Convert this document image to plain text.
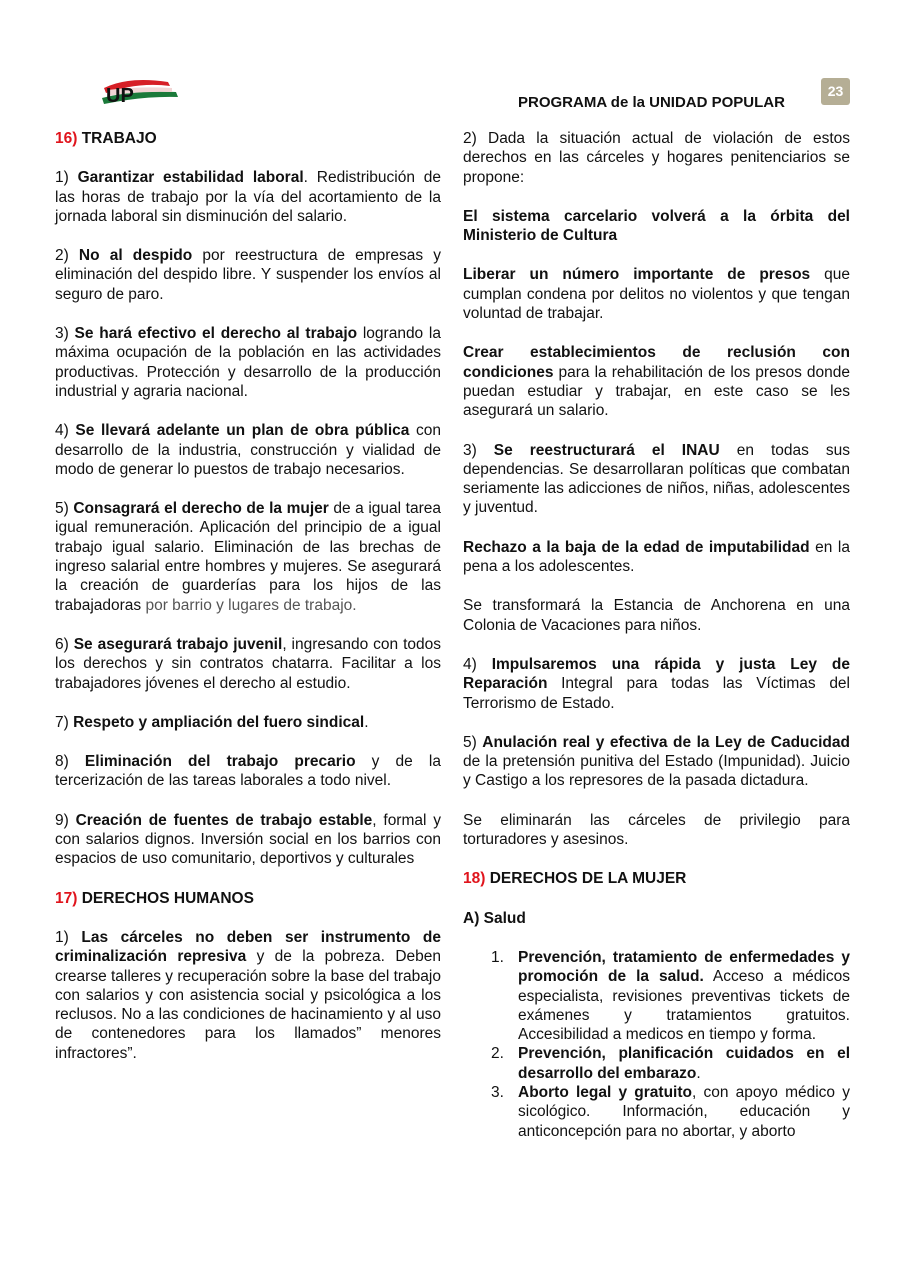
UP	PROGRAMA de la UNIDAD POPULAR
23
16) TRABAJO

1) Garantizar estabilidad laboral. Redistribución de las horas de trabajo por la vía del acortamiento de la jornada laboral sin disminución del salario.

2) No al despido por reestructura de empresas y eliminación del despido libre. Y suspender los envíos al seguro de paro.

3) Se hará efectivo el derecho al trabajo logrando la máxima ocupación de la población en las actividades productivas. Protección y desarrollo de la producción industrial y agraria nacional.

4) Se llevará adelante un plan de obra pública con desarrollo de la industria, construcción y vialidad de modo de generar lo puestos de trabajo necesarios.

5) Consagrará el derecho de la mujer de a igual tarea igual remuneración. Aplicación del principio de a igual trabajo igual salario. Eliminación de las brechas de ingreso salarial entre hombres y mujeres. Se asegurará la creación de guarderías para los hijos de las trabajadoras por barrio y lugares de trabajo.

6) Se asegurará trabajo juvenil, ingresando con todos los derechos y sin contratos chatarra. Facilitar a los trabajadores jóvenes el derecho al estudio.

7) Respeto y ampliación del fuero sindical.

8) Eliminación del trabajo precario y de la tercerización de las tareas laborales a todo nivel.

9) Creación de fuentes de trabajo estable, formal y con salarios dignos. Inversión social en los barrios con espacios de uso comunitario, deportivos y culturales

17) DERECHOS HUMANOS

1) Las cárceles no deben ser instrumento de criminalización represiva y de la pobreza. Deben crearse talleres y recuperación sobre la base del trabajo con salarios y con asistencia social y psicológica a los reclusos. No a las condiciones de hacinamiento y al uso de contenedores para los llamados” menores infractores”.

2) Dada la situación actual de violación de estos derechos en las cárceles y hogares penitenciarios se propone:

El sistema carcelario volverá a la órbita del Ministerio de Cultura

Liberar un número importante de presos que cumplan condena por delitos no violentos y que tengan voluntad de trabajar.

Crear establecimientos de reclusión con condiciones para la rehabilitación de los presos donde puedan estudiar y trabajar, en este caso se les asegurará un salario.

3) Se reestructurará el INAU en todas sus dependencias. Se desarrollaran políticas que combatan seriamente las adicciones de niños, niñas, adolescentes y juventud.

Rechazo a la baja de la edad de imputabilidad en la pena a los adolescentes.

Se transformará la Estancia de Anchorena en una Colonia de Vacaciones para niños.

4) Impulsaremos una rápida y justa Ley de Reparación Integral para todas las Víctimas del Terrorismo de Estado.

5) Anulación real y efectiva de la Ley de Caducidad de la pretensión punitiva del Estado (Impunidad). Juicio y Castigo a los represores de la pasada dictadura.

Se eliminarán las cárceles de privilegio para torturadores y asesinos.

18) DERECHOS DE LA MUJER
A) Salud
1. Prevención, tratamiento de enfermedades y promoción de la salud. Acceso a médicos especialista, revisiones preventivas tickets de exámenes y tratamientos gratuitos. Accesibilidad a medicos en tiempo y forma.
2. Prevención, planificación cuidados en el desarrollo del embarazo.
3. Aborto legal y gratuito, con apoyo médico y sicológico. Información, educación y anticoncepción para no abortar, y aborto
